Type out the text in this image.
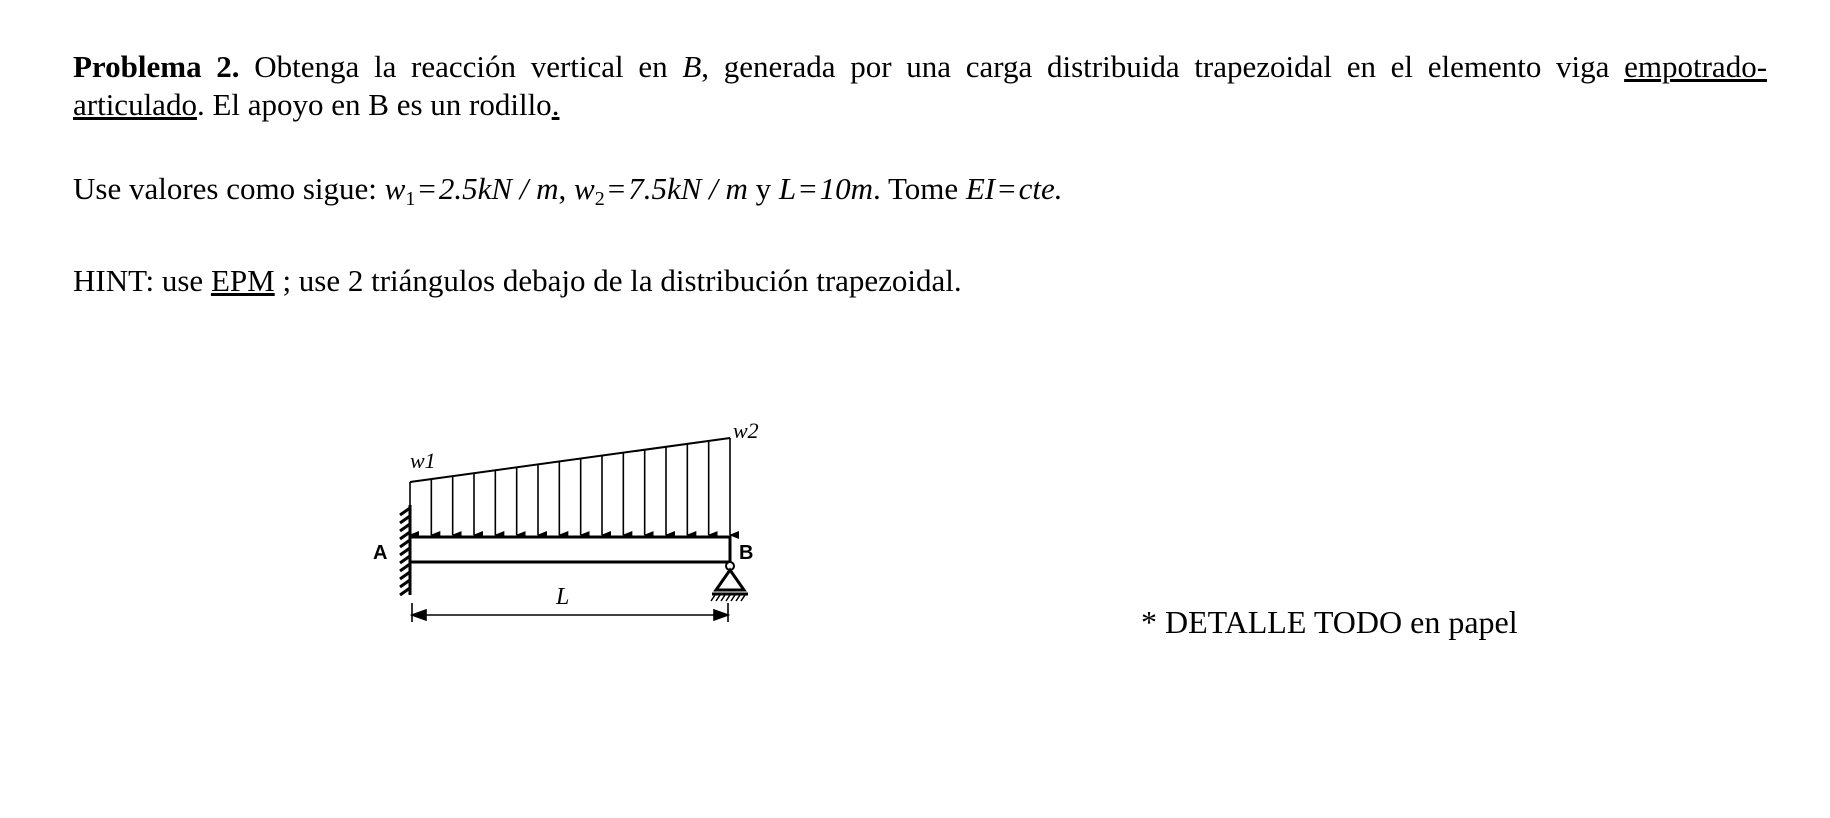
Problema 2. Obtenga la reacción vertical en B, generada por una carga distribuida trapezoidal en el elemento viga empotrado-articulado. El apoyo en B es un rodillo.
Use valores como sigue: $w_1=2.5kN / m$, $w_2=7.5kN / m$ y L=10m. Tome EI=cte.
HINT: use EPM ; use 2 triángulos debajo de la distribución trapezoidal.
A	B
w1
w2
L
* DETALLE TODO en papel
